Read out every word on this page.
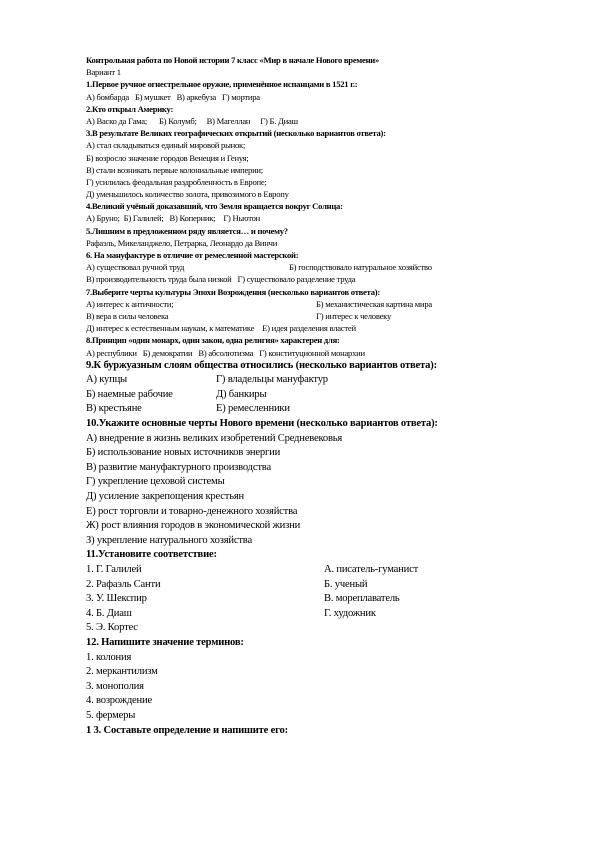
Контрольная работа по Новой истории 7 класс «Мир в начале Нового времени»
Вариант 1
1.Первое ручное огнестрельное оружие, применённое испанцами в 1521 г.:
А) бомбарда Б) мушкет В) аркебуза Г) мортира
2.Кто открыл Америку:
А) Васко да Гама; Б) Колумб; В) Магеллан Г) Б. Диаш
3.В результате Великих географических открытий (несколько вариантов ответа):
А) стал складываться единый мировой рынок;
Б) возросло значение городов Венеция и Генуя;
В) стали возникать первые колониальные империи;
Г) усилилась феодальная раздробленность в Европе;
Д) уменьшилось количество золота, привозимого в Европу
4.Великий учёный доказавший, что Земля вращается вокруг Солнца:
А) Бруно; Б) Галилей; В) Коперник; Г) Ньютон
5.Лишним в предложенном ряду является… и почему?
Рафаэль, Микеланджело, Петрарка, Леонардо да Винчи
6. На мануфактуре в отличие от ремесленной мастерской:
А) существовал ручной труд	Б) господствовало натуральное хозяйство
В) производительность труда была низкой Г) существовало разделение труда
7.Выберите черты культуры Эпохи Возрождения (несколько вариантов ответа):
А) интерес к античности;	Б) механистическая картина мира
В) вера в силы человека	Г) интерес к человеку
Д) интерес к естественным наукам, к математике Е) идея разделения властей
8.Принцип «один монарх, один закон, одна религия» характерен для:
А) республики Б) демократии В) абсолютизма Г) конституционной монархии
9.К буржуазным слоям общества относились (несколько вариантов ответа):
А) купцы	Г) владельцы мануфактур
Б) наемные рабочие	Д) банкиры
В) крестьяне	Е) ремесленники
10.Укажите основные черты Нового времени (несколько вариантов ответа):
А) внедрение в жизнь великих изобретений Средневековья
Б) использование новых источников энергии
В) развитие мануфактурного производства
Г) укрепление цеховой системы
Д) усиление закрепощения крестьян
Е) рост торговли и товарно-денежного хозяйства
Ж) рост влияния городов в экономической жизни
З) укрепление натурального хозяйства
11.Установите соответствие:
1. Г. Галилей	А. писатель-гуманист
2. Рафаэль Санти	Б. ученый
3. У. Шекспир	В. мореплаватель
4. Б. Диаш	Г. художник
5. Э. Кортес
12. Напишите значение терминов:
1. колония
2. меркантилизм
3. монополия
4. возрождение
5. фермеры
1 3. Составьте определение и напишите его:
